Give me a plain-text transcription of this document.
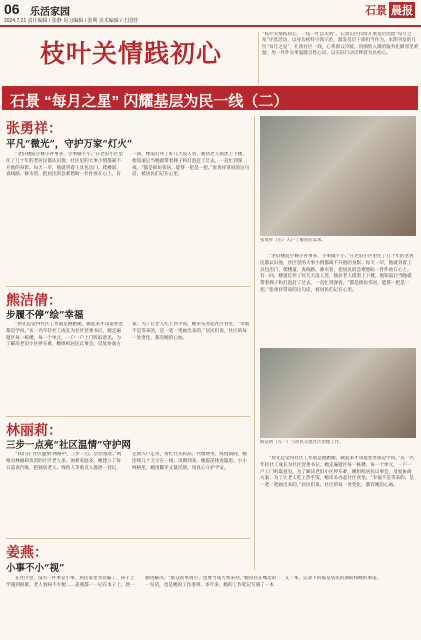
06 乐活家园
2024.7.21 责任编辑 / 张静 见习编辑 / 张利 美术编辑 / 王国营
石景 晨报
枝叶关情践初心
“枝叶关情践初心，一枝一叶总关情”。石景山区持续开展基层治理“每月之星”评选活动，以身边榜样引领示范，激发基层干部担当作为。本期刊发的几位“每月之星”，扎根社区一线，心系群众冷暖，用细致入微的服务化解邻里难题，用一件件实事温暖百姓心田，以实际行动诠释着为民初心。
石景 “每月之星” 闪耀基层为民一线（二）
张勇祥：
平凡“微光”，守护万家“灯火”
“老旧楼院小修小补事多，小事做不小。”在老旧小区里住了几十年的老居民都认识他，社区里的大事小情都离不开他的身影。每天一早，他就背着工具包出门，爬楼道、查线路、修水管，把居民的急难愁盼一件件放在心上。有一回，楼道灯坏了好几天没人管，独居老人摸黑上下楼，他知道后当晚就带着梯子和灯泡赶了过去，一直忙到深夜。“都是街坊邻居，能帮一把是一把。”张勇祥常说的这句话，被居民们记在心里。
熊洁倩：
步履不停“绘”幸福
“原先总觉得社区工作就是跑跑腿，做起来才知道处处都是学问。”从一名年轻社工成长为社区党委书记，她走遍辖区每一栋楼、每一个单元，一户一户上门听取意见。为了解决老旧小区停车难，她组织居民议事会，反复协商方案；为了让老人吃上热乎饭，她牵头办起社区食堂。“幸福不是等来的，是一笔一笔画出来的。”居民们说，社区的每一处变化，都有她的心血。
林丽莉：
三步一点亮“社区温情”守护网
“我们在‘社区温情’网格中，三步一点，层层推进。”网格员林丽莉负责的片区老人多、困难家庭多。她建立了每日巡查台账，把独居老人、残疾人等重点人群逐一登记，定期入户走访，帮忙代买药品、代缴费用。疫情期间，她连续几十天守在一线；汛期到来，她提前排查隐患。小小网格里，她用脚步丈量民情，用真心守护平安。
姜燕：
小事不小“视”
在社区里，没有一件事是小事。居民家里水管漏了、孩子上学遇到困难、老人看病不方便……姜燕都一一记在本子上，逐一跟进解决。“群众的事再小，也要当成大事来办。”她常挂在嘴边的一句话，也是她的工作准则。多年来，她的工作笔记写满了一本又一本，记录下的都是居民的期盼和她的承诺。
张勇祥（右）入户了解居民需求。
“老旧楼院小修小补事多，小事做不小。”在老旧小区里住了几十年的老居民都认识他，社区里的大事小情都离不开他的身影。每天一早，他就背着工具包出门，爬楼道、查线路、修水管，把居民的急难愁盼一件件放在心上。有一回，楼道灯坏了好几天没人管，独居老人摸黑上下楼，他知道后当晚就带着梯子和灯泡赶了过去，一直忙到深夜。“都是街坊邻居，能帮一把是一把。”张勇祥常说的这句话，被居民们记在心里。
熊洁倩（左一）与居民交流社区治理工作。
“原先总觉得社区工作就是跑跑腿，做起来才知道处处都是学问。”从一名年轻社工成长为社区党委书记，她走遍辖区每一栋楼、每一个单元，一户一户上门听取意见。为了解决老旧小区停车难，她组织居民议事会，反复协商方案；为了让老人吃上热乎饭，她牵头办起社区食堂。“幸福不是等来的，是一笔一笔画出来的。”居民们说，社区的每一处变化，都有她的心血。
